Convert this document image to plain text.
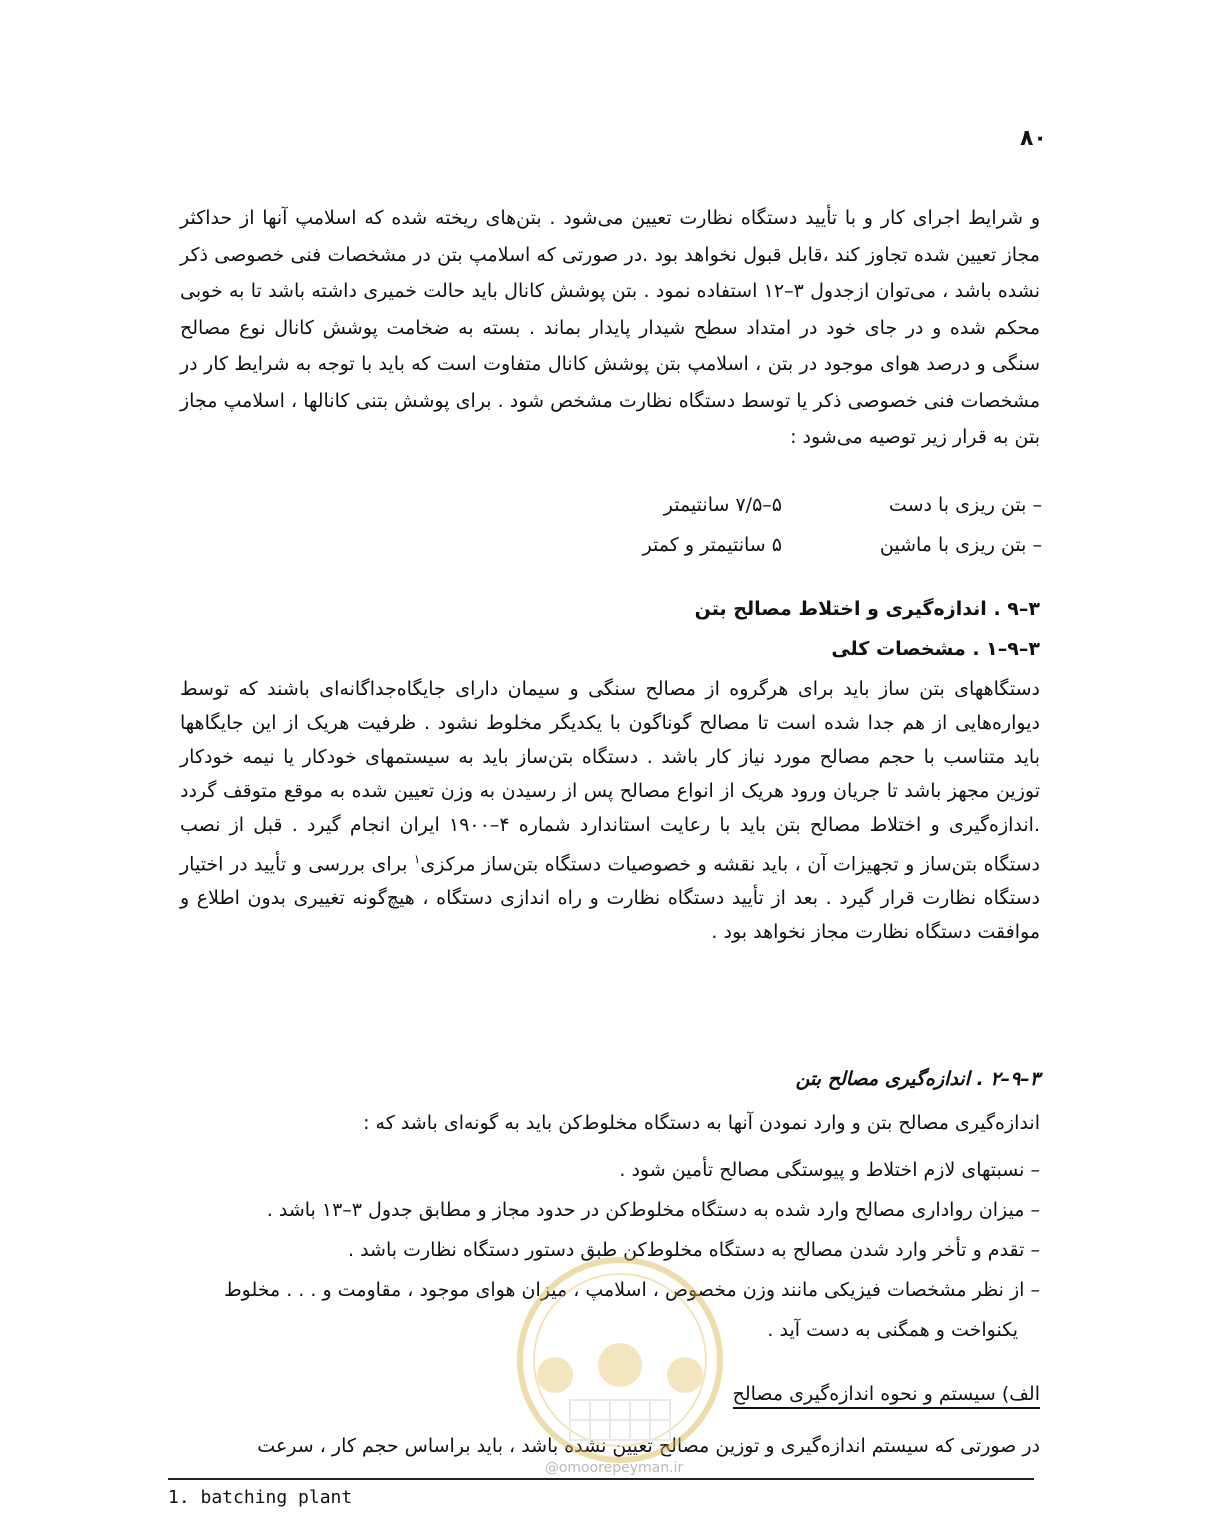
۸۰
و شرایط اجرای کار و با تأیید دستگاه نظارت تعیین می‌شود . بتن‌های ریخته شده که اسلامپ آنها از حداکثر مجاز تعیین شده تجاوز کند ،قابل قبول نخواهد بود .در صورتی که اسلامپ بتن در مشخصات فنی خصوصی ذکر نشده باشد ، می‌توان ازجدول ۳–۱۲ استفاده نمود . بتن پوشش کانال باید حالت خمیری داشته باشد تا به خوبی محکم شده و در جای خود در امتداد سطح شیدار پایدار بماند . بسته به ضخامت پوشش کانال نوع مصالح سنگی و درصد هوای موجود در بتن ، اسلامپ بتن پوشش کانال متفاوت است که باید با توجه به شرایط کار در مشخصات فنی خصوصی ذکر یا توسط دستگاه نظارت مشخص شود . برای پوشش بتنی کانالها ، اسلامپ مجاز بتن به قرار زیر توصیه می‌شود :
– بتن ریزی با دست
۵–۷/۵ سانتیمتر
– بتن ریزی با ماشین
۵ سانتیمتر و کمتر
۳–۹ . اندازه‌گیری و اختلاط مصالح بتن
۳–۹–۱ . مشخصات کلی
دستگاههای بتن ساز باید برای هرگروه از مصالح سنگی و سیمان دارای جایگاه‌جداگانه‌ای باشند که توسط دیواره‌هایی از هم جدا شده است تا مصالح گوناگون با یکدیگر مخلوط نشود . ظرفیت هریک از این جایگاهها باید متناسب با حجم مصالح مورد نیاز کار باشد . دستگاه بتن‌ساز باید به سیستمهای خودکار یا نیمه خودکار توزین مجهز باشد تا جریان ورود هریک از انواع مصالح پس از رسیدن به وزن تعیین شده به موقع متوقف گردد .اندازه‌گیری و اختلاط مصالح بتن باید با رعایت استاندارد شماره ۴–۱۹۰۰ ایران انجام گیرد . قبل از نصب دستگاه بتن‌ساز و تجهیزات آن ، باید نقشه و خصوصیات دستگاه بتن‌ساز مرکزی$^۱$ برای بررسی و تأیید در اختیار دستگاه نظارت قرار گیرد . بعد از تأیید دستگاه نظارت و راه اندازی دستگاه ، هیچ‌گونه تغییری بدون اطلاع و موافقت دستگاه نظارت مجاز نخواهد بود .
۳–۹–۲ . اندازه‌گیری مصالح بتن
اندازه‌گیری مصالح بتن و وارد نمودن آنها به دستگاه مخلوط‌کن باید به گونه‌ای باشد که :
– نسبتهای لازم اختلاط و پیوستگی مصالح تأمین شود .
– میزان رواداری مصالح وارد شده به دستگاه مخلوط‌کن در حدود مجاز و مطابق جدول ۳–۱۳ باشد .
– تقدم و تأخر وارد شدن مصالح به دستگاه مخلوط‌کن طبق دستور دستگاه نظارت باشد .
– از نظر مشخصات فیزیکی مانند وزن مخصوص ، اسلامپ ، میزان هوای موجود ، مقاومت و . . . مخلوط
یکنواخت و همگنی به دست آید .
الف) سیستم و نحوه اندازه‌گیری مصالح
در صورتی که سیستم اندازه‌گیری و توزین مصالح تعیین نشده باشد ، باید براساس حجم کار ، سرعت
@omoorepeyman.ir
1. batching plant
